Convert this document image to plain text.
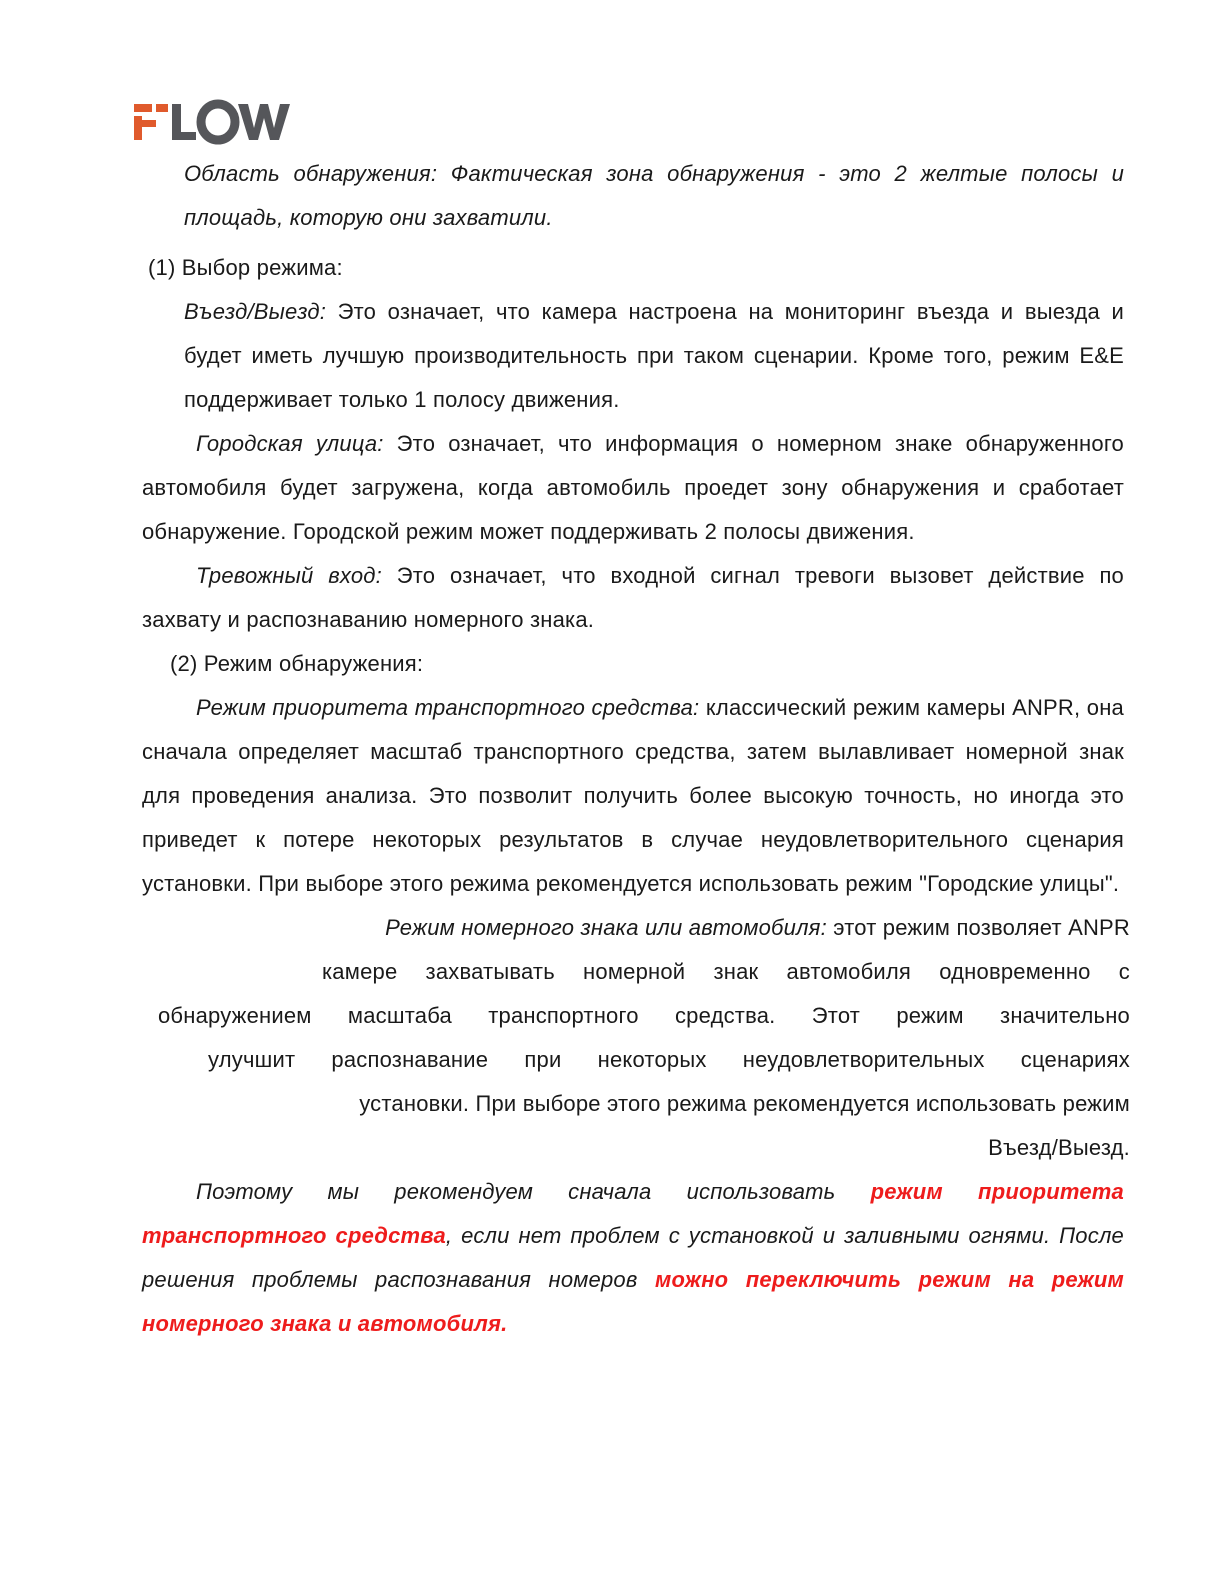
Область обнаружения: Фактическая зона обнаружения - это 2 желтые полосы и площадь, которую они захватили.

(1) Выбор режима:

Въезд/Выезд: Это означает, что камера настроена на мониторинг въезда и выезда и будет иметь лучшую производительность при таком сценарии. Кроме того, режим E&E поддерживает только 1 полосу движения.

Городская улица: Это означает, что информация о номерном знаке обнаруженного автомобиля будет загружена, когда автомобиль проедет зону обнаружения и сработает обнаружение. Городской режим может поддерживать 2 полосы движения.

Тревожный вход: Это означает, что входной сигнал тревоги вызовет действие по захвату и распознаванию номерного знака.

(2) Режим обнаружения:

Режим приоритета транспортного средства: классический режим камеры ANPR, она сначала определяет масштаб транспортного средства, затем вылавливает номерной знак для проведения анализа. Это позволит получить более высокую точность, но иногда это приведет к потере некоторых результатов в случае неудовлетворительного сценария установки. При выборе этого режима рекомендуется использовать режим "Городские улицы".

Режим номерного знака или автомобиля: этот режим позволяет ANPR
камере захватывать номерной знак автомобиля одновременно с
обнаружением масштаба транспортного средства. Этот режим значительно
улучшит распознавание при некоторых неудовлетворительных сценариях
установки. При выборе этого режима рекомендуется использовать режим
Въезд/Выезд.

Поэтому мы рекомендуем сначала использовать режим приоритета транспортного средства, если нет проблем с установкой и заливными огнями. После решения проблемы распознавания номеров можно переключить режим на режим номерного знака и автомобиля.
